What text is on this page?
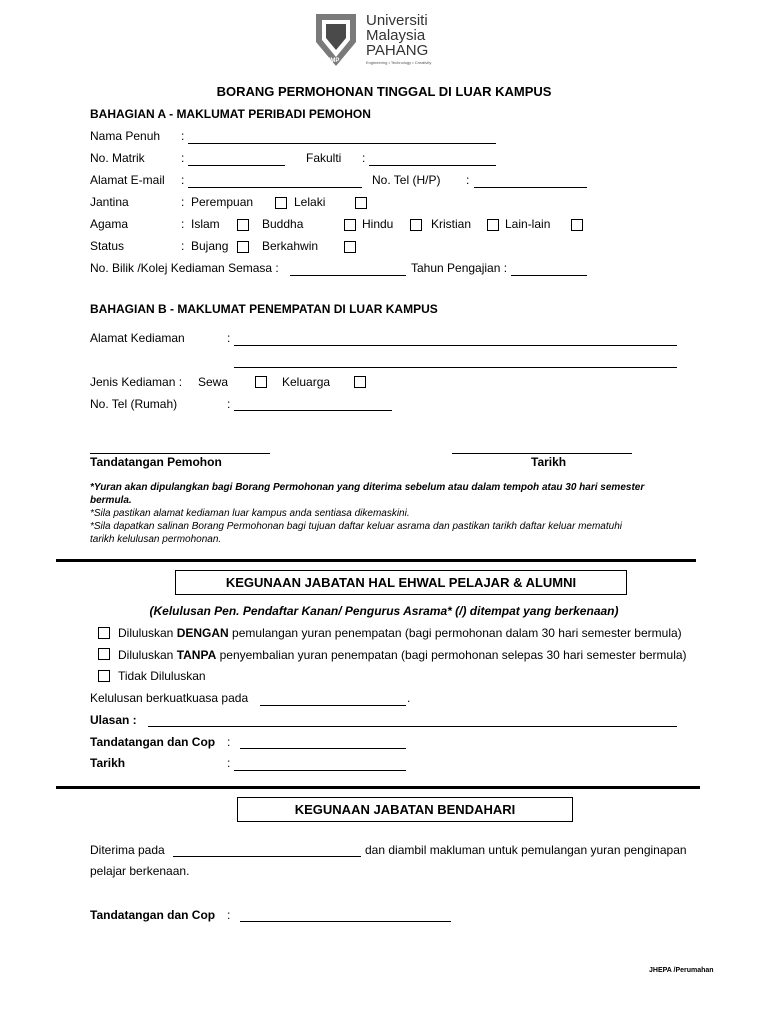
UMP
Universiti
Malaysia
PAHANG
Engineering • Technology • Creativity
BORANG PERMOHONAN TINGGAL DI LUAR KAMPUS
BAHAGIAN A - MAKLUMAT PERIBADI PEMOHON
Nama Penuh :
No. Matrik	:	Fakulti :
Alamat E-mail :	No. Tel (H/P) :
Jantina	: Perempuan	Lelaki
Agama	: Islam	Buddha	Hindu	Kristian	Lain-lain
Status	: Bujang	Berkahwin
No. Bilik /Kolej Kediaman Semasa :	Tahun Pengajian :
BAHAGIAN B - MAKLUMAT PENEMPATAN DI LUAR KAMPUS
Alamat Kediaman	:
Jenis Kediaman : Sewa	Keluarga
No. Tel (Rumah)	:
Tandatangan Pemohon	Tarikh
*Yuran akan dipulangkan bagi Borang Permohonan yang diterima sebelum atau dalam tempoh atau 30 hari semester
bermula.
*Sila pastikan alamat kediaman luar kampus anda sentiasa dikemaskini.
*Sila dapatkan salinan Borang Permohonan bagi tujuan daftar keluar asrama dan pastikan tarikh daftar keluar mematuhi
tarikh kelulusan permohonan.
KEGUNAAN JABATAN HAL EHWAL PELAJAR & ALUMNI
(Kelulusan Pen. Pendaftar Kanan/ Pengurus Asrama* (/) ditempat yang berkenaan)
Diluluskan DENGAN pemulangan yuran penempatan (bagi permohonan dalam 30 hari semester bermula)
Diluluskan TANPA penyembalian yuran penempatan (bagi permohonan selepas 30 hari semester bermula)
Tidak Diluluskan
Kelulusan berkuatkuasa pada	.
Ulasan :
Tandatangan dan Cop :
Tarikh	:
KEGUNAAN JABATAN BENDAHARI
Diterima pada	dan diambil makluman untuk pemulangan yuran penginapan
pelajar berkenaan.
Tandatangan dan Cop :
JHEPA /Perumahan
